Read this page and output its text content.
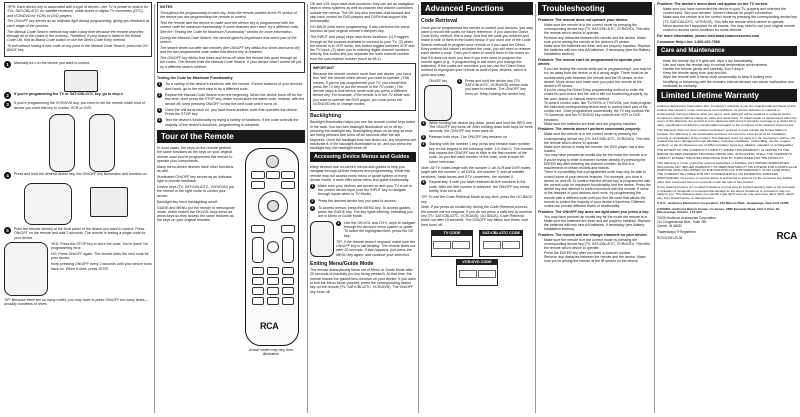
TIPS: Each device key is associated with a type of device—the TV is preset to search for TVs, SAT•CBL•DTC for satellite receivers, cable boxes or digital TV converters (DTC), and VCR•DVD for VCRs or DVD players.

The ON•OFF key serves as an indicator light during programming, giving you feedback at each stage of the process.

The Manual Code Search method may take a long time because the remote searches through all of the codes in the memory. Therefore, if your brand is listed in the Brand Code List, find its Brand Code button or use the Direct Code Entry method.

To exit without saving a new code at any point in the Manual Code Search, press the GO BACK key.

1	Manually turn on the device you want to control.
2	If you're programming the TV or SAT•CBL•DTC key, go to step 4.
3	If you're programming the VCR•DVD key, you need to tell the remote which kind of device you want this key to control, VCR or DVD.
4	Press and hold the desired device key, the ON•OFF key illuminates and remains on.
5	Point the remote directly at the front panel of the device you want to control. Press ON•OFF on the remote and wait 2 seconds. The remote is testing a single code for your device.

YES: Press the STOP key to store the code. You're done! No programming error.

NO: Press ON•OFF again. The remote tests the next code for your device.

Keep pressing ON•OFF every 2 seconds until your device turns back on. When it does, press STOP.

TIP: Because there are so many codes, you may have to press ON•OFF too many times—possibly hundreds of times.

NOTES

Throughout the programming of each key, keep the remote pointed at the IR sensor of the device you are programming the remote to control.

Test the remote with the device to make sure the device key is programmed with the correct code for maximum functionality. If some features don't work, try a different code. See the "Testing the Code for Maximum Functionality" section for more information.

During the Manual Code Search, the remote ignores keypresses that aren't part of the search.

The search times out after two minutes (the ON•OFF key blinks four times and turns off) and the last programmed code under that device key is retained.

The ON•OFF key blinks four times and turns off when the remote has gone through all the codes. The remote exits the Manual Code Search. If your device hasn't turned off yet, try a different search method.

Testing the Code for Maximum Functionality

1	Try a variety of the device's functions with the remote. If some features of your devices don't work, go to the next step to try a different code.
2	Repeat the Manual Code Search from the beginning. When the device turns off for the first time, don't press the STOP key, which would store the same code. Instead, with the device off, keep pressing ON•OFF to test the next code until it turns on.
3	Once the unit turns back on, you have found another code that operates the device. Press the STOP key.
4	Test the device's functionality by trying a variety of functions. If the code controls the majority of the device's functions, programming is complete.
Tour of the Remote

In most cases, the keys on the remote perform the same functions as the keys on your original remote once you've programmed this remote to operate your components.

Many menu-driven devices have other functions as well.

Illuminated ON•OFF key serves as an indicator light to provide feedback.

Device keys (TV, SAT•CBL•DTC, VCR•DVD) put the remote in the right mode to control your device.

Backlight key turns backlighting on/off.

GUIDE and MENU put the remote in menu/guide mode, which makes the OK•VOL keys serve as arrow keys so they access the same features as the keys on your original remotes.

RCA

Actual model may vary from illustration

OK and VOL keys have dual functions; they can act as navigation keys in menu systems as well as channel and volume controllers outside the menus. The OK key also provides dual forward and skip back control for DVD players and DVRs that support this functionality.

GO BACK exits menu programming. It also performs the same function as your original remote's last/prev key.

The INPUT and (stop) keys have three functions: (1) It toggles through all the sources available to connect to your TV; (2) when the remote is in VCR mode, this button toggles between VCR and the TV input; (3) when you're entering digital channel numbers directly, this button lets you separate the main channel number from the sub-channel number (such as 58.1).

IMPORTANT

Because the remote controls more than one device, you must first "tell" the remote which device you want to operate. (This means, if you've just programmed your TV, you should first press the TV key to put the remote in the TV mode.) The remote stays in that device mode until you press a different device key. For example, if the remote is in the TV Mode and you want to operate the DVD player, you must press the VCR•DVD key to change modes.

Backlighting

Backlight illumination helps you see the remote control keys better in the dark. You can turn backlight illumination on or off by pressing the backlight key. Backlighting stays on as long as keys are being pressed and turns off six seconds after the last keypress. Once the backlight time has timed out, any keypress will reactivate it. If the backlight illumination is on, and you press the backlight key, the backlight turns off.

Accessing Device Menus and Guides

Many devices use on-screen menus and guides to help you navigate through all their features and programming. While this remote may not access every menu or guide system of every device model, it does offer some menu and guide functionality.

1	Make sure your devices are turned on and your TV is set to the correct device input (use the INPUT key to navigate through inputs when in TV Mode).
2	Press the desired device key you want to access.
3	To access menus, press the MENU key. To access guides, press the GUIDE key. The key lights blinking, indicating you are in Menu or Guide Mode.
4	Use the OK•VOL and CH+/- keys to navigate through the device's menu system or guide. To select the highlighted item, press the OK key.

TIP: If the remote doesn't respond, make sure the ON•OFF key is still blinking. The remote times out after 20 seconds. If that happens, just press the MENU key again, and continue your selection.

Exiting Menu/Guide Mode

The remote automatically times out of Menu or Guide Mode after 20 seconds of inactivity (no key being pressed). At that time, the remote leaves the guide/menu function on your device. If you want to exit the Menu Mode yourself, press the corresponding device key on the remote (TV, SAT•CBL•DTC, VCR•DVD). The ON•OFF key turns off.

Advanced Functions

Code Retrieval

Once you've programmed the remote to control your devices, you may want to record the codes for future reference. If you used the Direct Code Entry method, this is easy. Just find the code you entered and make a note of them in the boxes below. If you used one of the Code Search methods to program your remote or if you used the Direct Entry method but haven't recorded the code, you will need to retrieve each device's code. Then you'll need to record them in the boxes so that if it does not work you time if you ever need to program the remote again (e.g., if programming is lost when you change the batteries). If the codes are recorded, you can use the Direct Entry method to reprogram your remote to control your devices, which is quick and easy.

ON•OFF key	1	Press and hold the device key (TV, SAT•CBL•DTC, VCR•DVD) whose code you want to retrieve. The ON•OFF key turns on. Keep holding the device key.
2	While holding the device key down, press and hold the INFO key. The ON•OFF key turns off. After holding down both keys for three seconds, the ON•OFF key turns back on.
3	Release both keys. The ON•OFF key remains on.
4	Starting with the number 1 key, press and release each number key on the keypad in the following order: 1-9, then 0. The number that causes the ON•OFF key to blink is the first number of the code. As you find each number of the code, write it down for future reference.

Note: All TV codes begin with the number 1; all VCR and DVR codes begin with the number 2; all DVDs, the number 3; and all satellite receivers, cable boxes and DTV converters, the number 5.

5	Repeat step 4 until you have retrieved all five numbers in the code. After the fifth number is retrieved, the ON•OFF key blinks briefly, then turns off.

TIP: To exit the Code Retrieval Mode at any time, press the GO BACK key.

Note: If you press an invalid key during the Code Retrieval process, the remote will not respond. If you do not press a valid key (a numeral key (TV, SAT•CBL•DTC, VCR•DVD), GO BACK), Code Retrieval times out after 15 seconds. The ON•OFF key blinks four times, and then turns off.

TV CODE
	SAT•CBL•DTC CODE

VCR•DVD CODE
Troubleshooting

Problem: The remote does not operate your device.

• Make sure the remote is in the correct mode by pressing the corresponding device key (TV, SAT•CBL•DTC, VCR•DVD). This tells the remote which device to operate.
• Remove any obstacles between the remote and the device. Make sure you're aiming the remote at the device's IR sensor.
• Make sure the batteries are fresh and are properly installed. Replace the batteries with two new AA batteries, if necessary (see the Battery Installation section).

Problem: The remote can't be programmed to operate your device.

• If you are testing the remote while you're programming it, you may be too far away from the device or at a wrong angle. There must be an unobstructed path between the remote and the IR sensor on the device. Move closer and make sure you point the remote at the device's IR sensor.
• If you're using the Direct Entry programming method to enter the codes for your brand and the unit is still not functioning properly, try the auto, brand, or manual search method.
• To control combo units, like TV/VCRs or TV/DVDs, you must program the individual corresponding device keys to control each part of the combo unit. Once programmed successfully, the TV key controls the TV functions, and the VCR•DVD key controls the VCR or DVD functions.
• Make sure the batteries are fresh and are properly installed.

Problem: The remote doesn't perform commands properly.

• Make sure the remote is in the correct mode by pressing the corresponding device key (TV, SAT•CBL•DTC, VCR•DVD). This tells the remote which device to operate.
• Make sure device is really the remote; the DVD player has a disc loaded.
• You may have pressed an invalid key for the mode the remote is in.
• If you're trying to enter a channel number directly, try pressing the ENTER key after entering the channel number, as this is a requirement of certain models and brands.
• There is a possibility that a programmed code may only be able to control some of your devices features. For example, you tune a device on and off. To confirm that the device key is programmed with the correct code for maximum functionality, test the device. Press the device key and attempt to control functions with the remote. If some of the features of your devices don't work, try programming the remote with a different code until you find the code that allows the remote to control the majority of your device's functions. Different codes can provide different levels of functionality.

Problem: The ON•OFF key does not light when you press a key.

• You may have pressed an invalid key for the mode the remote is in.
• Make sure the batteries are fresh and are properly installed. Replace the batteries with two new AA batteries, if necessary (see Battery Installation section).

Problem: The remote will not change channels on your device.

• Make sure the remote is in the correct mode by pressing the corresponding device key (TV, SAT•CBL•DTC, VCR•DVD). This tells the remote which device to operate.
• Press the ENTER key after you enter a channel number.
• Remove any obstacles between the remote and the device. Make sure you're aiming the remote at the IR sensor on the device.

Problem: The device's menu does not appear on the TV screen.

• Make sure you have connected the device to your TV properly and selected the correct input. See your devices' Owner's Manual for proper connection.
• Make sure the remote is in the correct mode by pressing the corresponding device key (TV, SAT•CBL•DTC, VCR•DVD). This tells the remote which device to operate.
• Menu access isn't supported for all brands. You may need to use your original remote control to access menu functions for some devices.

For more information, please visit www.rcaaccessories.com

Consumer Help Line: 1-800-420-7968

Care and Maintenance
• Keep the remote dry. If it gets wet, wipe it dry immediately.
• Use and store the remote only in normal temperature environments.
• Handle the remote gently and carefully. Don't drop it.
• Keep the remote away from dust and dirt.
• Wipe the remote with a damp cloth occasionally to keep it looking new.
• Modifying or tampering with the remote's internal devices can cause malfunction and invalidate its warranty.
Limited Lifetime Warranty

Audiovox Electronics Corporation (the "Company") warrants to you the original retail purchaser of this product that should it, under normal use and conditions, be proven defective in material or workmanship during its lifetime while you own it, such defect(s) will be repaired or replaced (at the Company's option) without charge for parts and repair labor. To obtain repair or replacement within the terms of this Warranty, the product is to be delivered with proof of warranty coverage (e.g. dated bill of sale), specification of defect(s), transportation prepaid, to the Company at the address shown below.

This Warranty does not cover product purchased, serviced or used outside the United States or Canada. The Warranty is not transferable and does not extend to costs incurred for installation, removal or reinstallation of the product. This Warranty does not apply if in the Company's opinion, the product has been damaged through alteration, improper installation, mishandling, misuse, neglect, accident, or the simultaneous use of different battery types (e.g. alkaline, standard or rechargeable).

THE EXTENT OF THE COMPANY'S LIABILITY UNDER THIS WARRANTY IS LIMITED TO THE REPAIR OR REPLACEMENT PROVIDED ABOVE AND, IN NO EVENT, SHALL THE COMPANY'S LIABILITY EXCEED THE PURCHASE PRICE PAID BY PURCHASER FOR THE PRODUCT.

This Warranty is in lieu of all other express warranties or liabilities. ANY IMPLIED WARRANTIES, INCLUDING ANY IMPLIED WARRANTY OF MERCHANTABILITY OR FITNESS FOR A PARTICULAR PURPOSE SHALL BE LIMITED TO THE DURATION OF THIS WARRANTY. IN NO CASE SHALL THE COMPANY BE LIABLE FOR ANY CONSEQUENTIAL OR INCIDENTAL DAMAGES WHATSOEVER. No person or representative is authorized to assume for the Company any liability other than expressed herein in connection with the sale of this product.

Some states/provinces do not allow limitations on how long an implied warranty lasts or the exclusion or limitation of incidental or consequential damage so the above limitations or exclusions may not apply to you. This Warranty gives you specific legal rights and you may also have other rights, which vary from state/province to state/province.

U.S.A.: Audiovox Electronics Corporation, 150 Marcus Blvd., Hauppauge, New York 11788

CANADA: Audiovox Return Center, c/o Genco, 6685 Kennedy Road, Unit 3, Door 16, Mississauga, Ontario, L5T 3A5

©2009 Audiovox Accessories Corporation
111 Congressional Blvd., Suite 350
Carmel, IN 46032

Trademark(s) ® Registered

RCR312W-US-06	RCA
